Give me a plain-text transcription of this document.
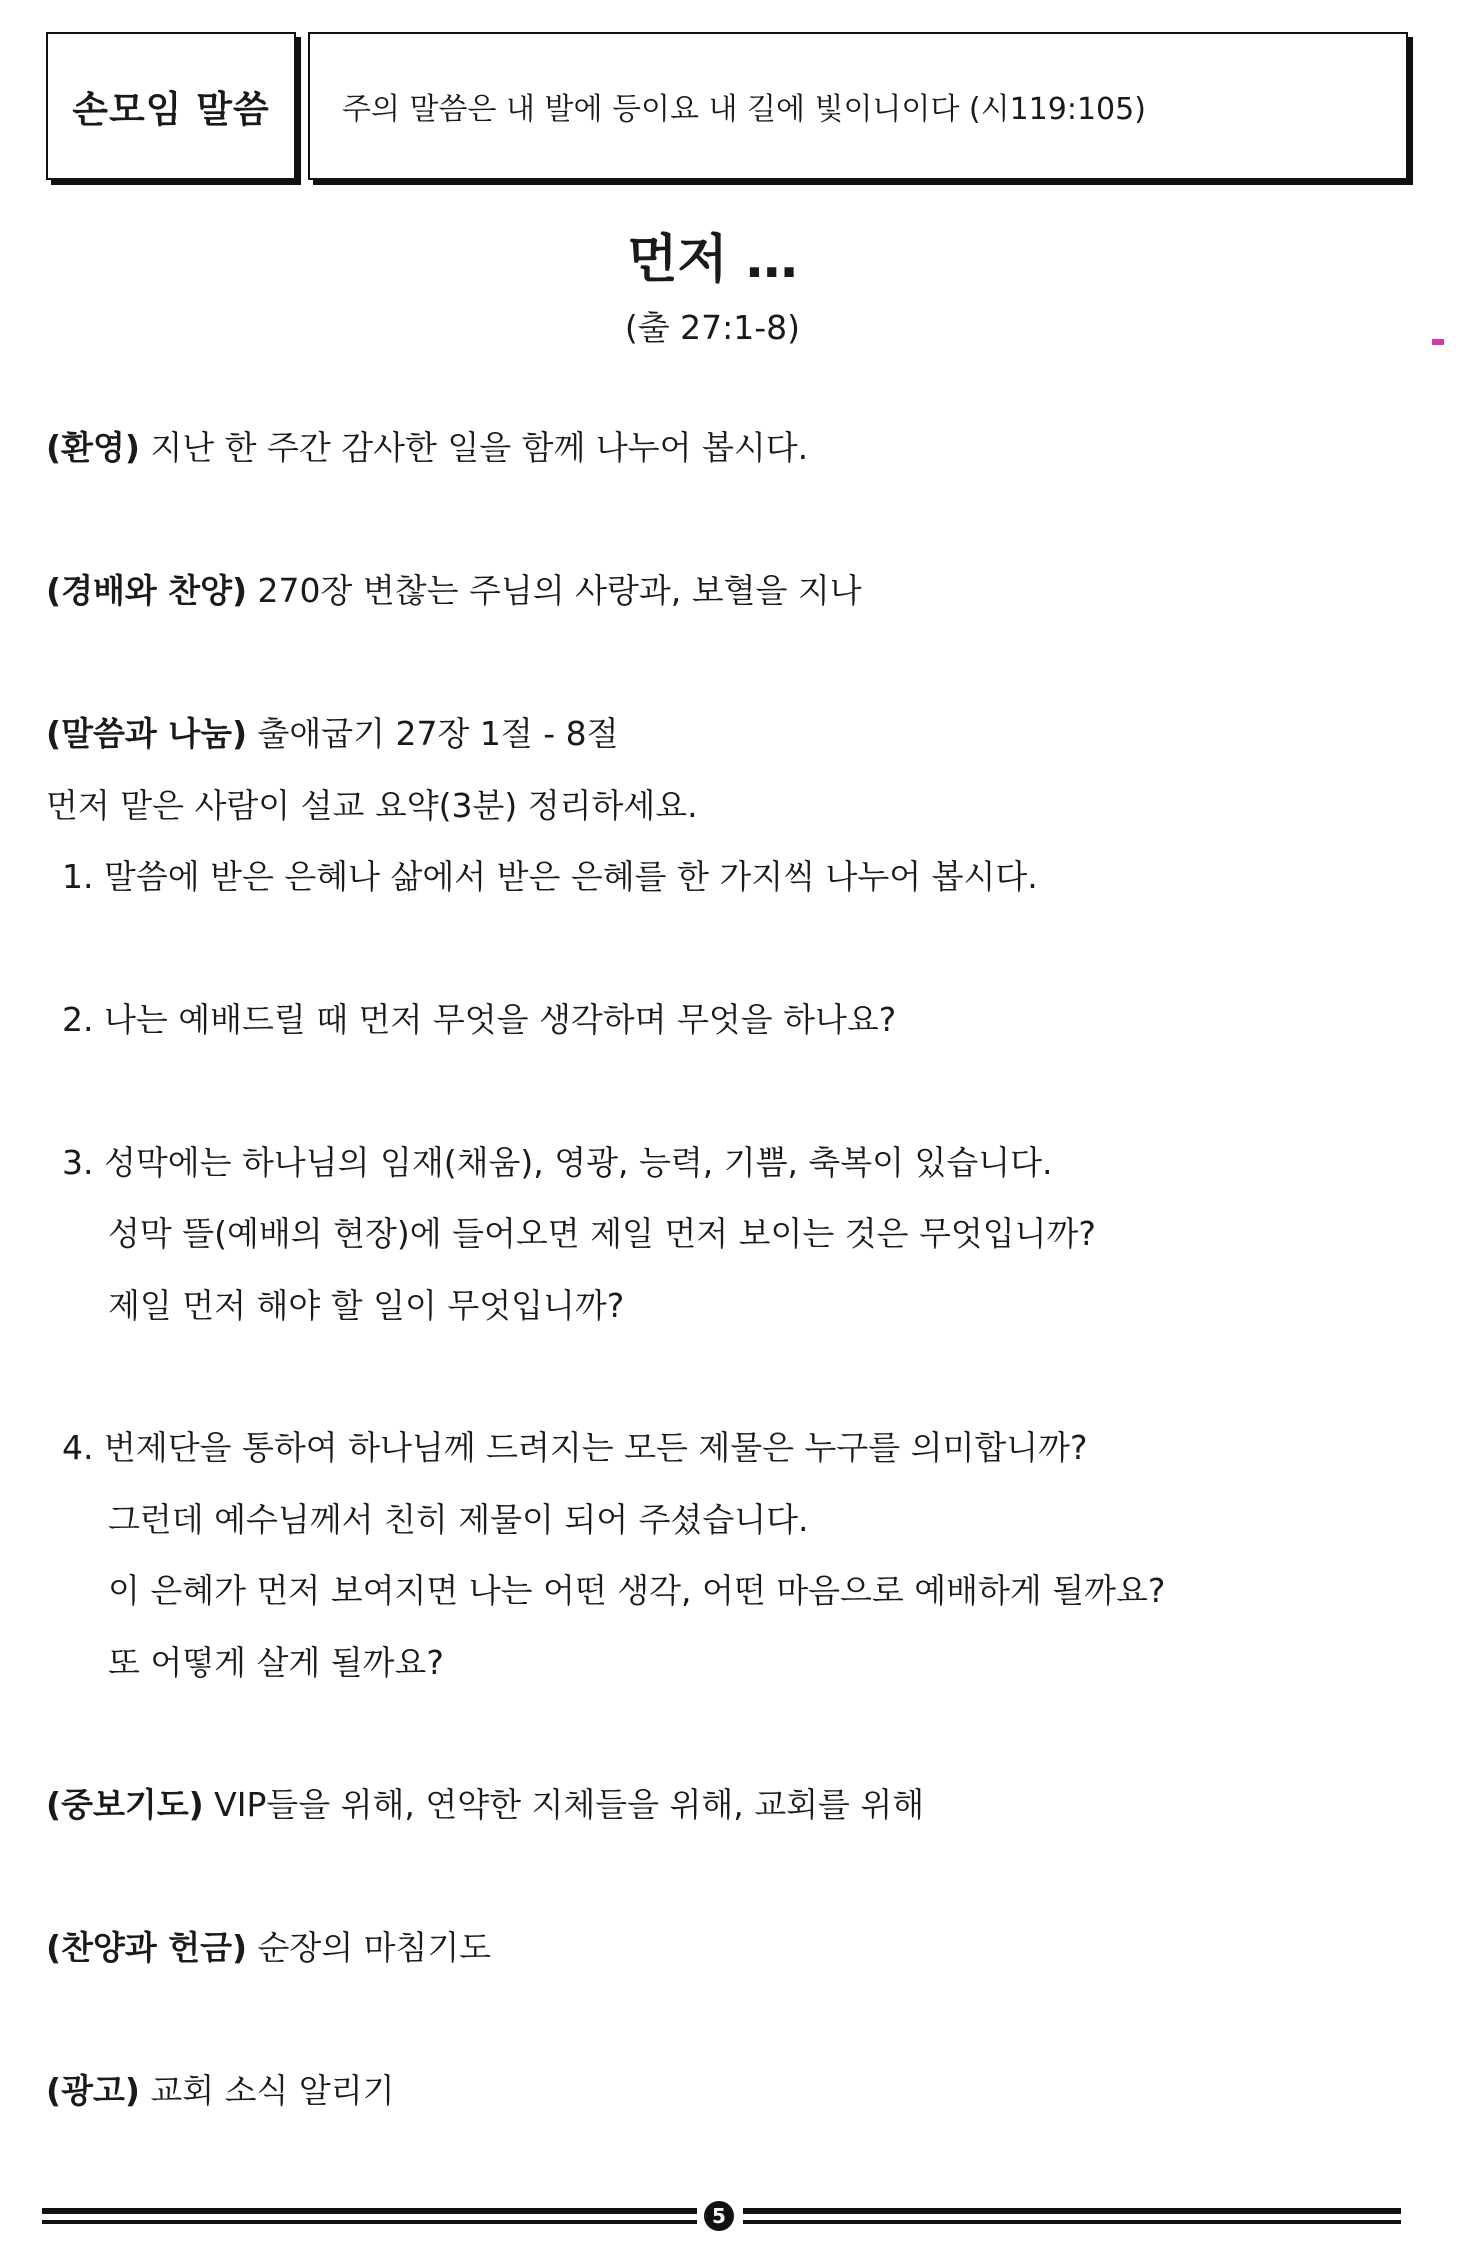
손모임 말씀 주의 말씀은 내 발에 등이요 내 길에 빛이니이다 (시119:105)
먼저 …

(출 27:1-8)

(환영) 지난 한 주간 감사한 일을 함께 나누어 봅시다.
(경배와 찬양) 270장 변찮는 주님의 사랑과, 보혈을 지나
(말씀과 나눔) 출애굽기 27장 1절 - 8절
먼저 맡은 사람이 설교 요약(3분) 정리하세요.
1. 말씀에 받은 은혜나 삶에서 받은 은혜를 한 가지씩 나누어 봅시다.
2. 나는 예배드릴 때 먼저 무엇을 생각하며 무엇을 하나요?
3. 성막에는 하나님의 임재(채움), 영광, 능력, 기쁨, 축복이 있습니다.
성막 뜰(예배의 현장)에 들어오면 제일 먼저 보이는 것은 무엇입니까?
제일 먼저 해야 할 일이 무엇입니까?
4. 번제단을 통하여 하나님께 드려지는 모든 제물은 누구를 의미합니까?
그런데 예수님께서 친히 제물이 되어 주셨습니다.
이 은혜가 먼저 보여지면 나는 어떤 생각, 어떤 마음으로 예배하게 될까요?
또 어떻게 살게 될까요?
(중보기도) VIP들을 위해, 연약한 지체들을 위해, 교회를 위해
(찬양과 헌금) 순장의 마침기도
(광고) 교회 소식 알리기
5
